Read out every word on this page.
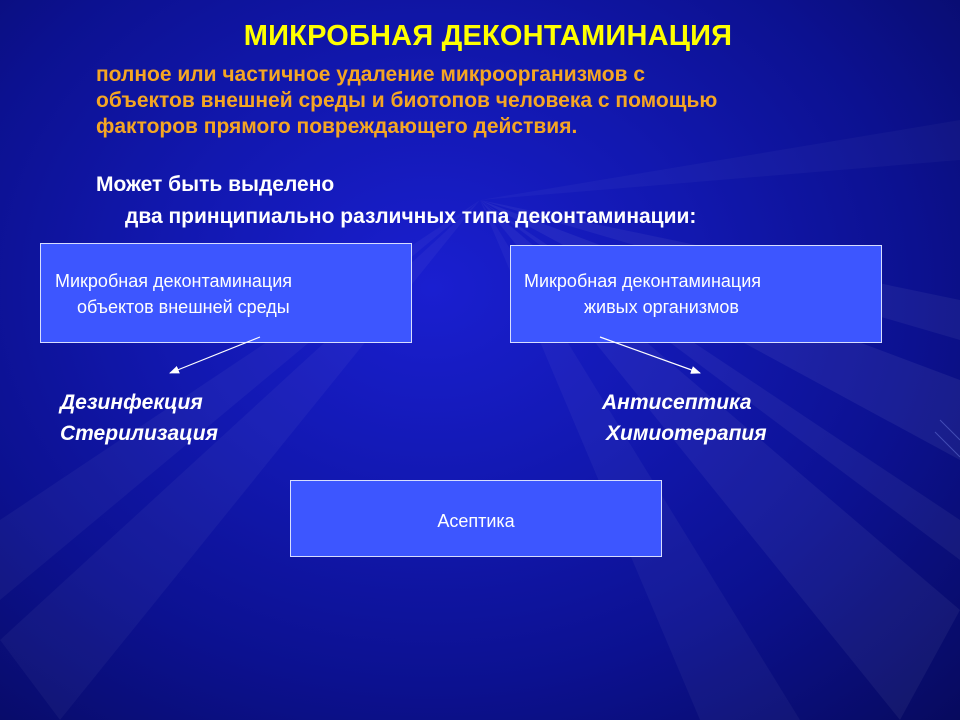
МИКРОБНАЯ ДЕКОНТАМИНАЦИЯ
полное или частичное удаление микроорганизмов с
объектов внешней среды и биотопов человека с помощью
факторов прямого повреждающего действия.
Может быть выделено
два принципиально различных типа деконтаминации:
Микробная деконтаминация
объектов внешней среды
Микробная деконтаминация
живых организмов
Дезинфекция
Стерилизация
Антисептика
Химиотерапия
Асептика
